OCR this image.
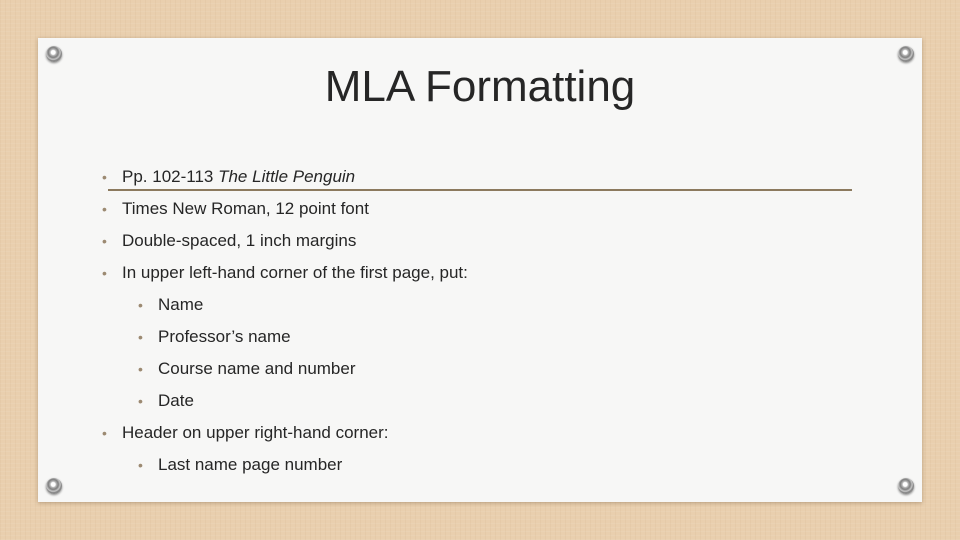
MLA Formatting
• Pp. 102-113 The Little Penguin
• Times New Roman, 12 point font
• Double-spaced, 1 inch margins
• In upper left-hand corner of the first page, put:
• Name
• Professor’s name
• Course name and number
• Date
• Header on upper right-hand corner:
• Last name page number
